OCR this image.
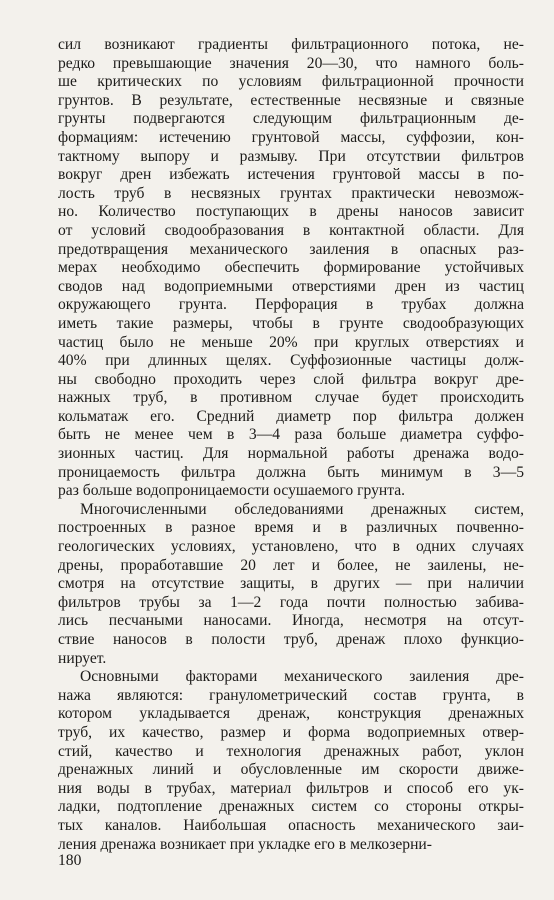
сил возникают градиенты фильтрационного потока, не-
редко превышающие значения 20—30, что намного боль-
ше критических по условиям фильтрационной прочности
грунтов. В результате, естественные несвязные и связные
грунты подвергаются следующим фильтрационным де-
формациям: истечению грунтовой массы, суффозии, кон-
тактному выпору и размыву. При отсутствии фильтров
вокруг дрен избежать истечения грунтовой массы в по-
лость труб в несвязных грунтах практически невозмож-
но. Количество поступающих в дрены наносов зависит
от условий сводообразования в контактной области. Для
предотвращения механического заиления в опасных раз-
мерах необходимо обеспечить формирование устойчивых
сводов над водоприемными отверстиями дрен из частиц
окружающего грунта. Перфорация в трубах должна
иметь такие размеры, чтобы в грунте сводообразующих
частиц было не меньше 20% при круглых отверстиях и
40% при длинных щелях. Суффозионные частицы долж-
ны свободно проходить через слой фильтра вокруг дре-
нажных труб, в противном случае будет происходить
кольматаж его. Средний диаметр пор фильтра должен
быть не менее чем в 3—4 раза больше диаметра суффо-
зионных частиц. Для нормальной работы дренажа водо-
проницаемость фильтра должна быть минимум в 3—5
раз больше водопроницаемости осушаемого грунта.

Многочисленными обследованиями дренажных систем,
построенных в разное время и в различных почвенно-
геологических условиях, установлено, что в одних случаях
дрены, проработавшие 20 лет и более, не заилены, не-
смотря на отсутствие защиты, в других — при наличии
фильтров трубы за 1—2 года почти полностью забива-
лись песчаными наносами. Иногда, несмотря на отсут-
ствие наносов в полости труб, дренаж плохо функцио-
нирует.

Основными факторами механического заиления дре-
нажа являются: гранулометрический состав грунта, в
котором укладывается дренаж, конструкция дренажных
труб, их качество, размер и форма водоприемных отвер-
стий, качество и технология дренажных работ, уклон
дренажных линий и обусловленные им скорости движе-
ния воды в трубах, материал фильтров и способ его ук-
ладки, подтопление дренажных систем со стороны откры-
тых каналов. Наибольшая опасность механического заи-
ления дренажа возникает при укладке его в мелкозерни-

180
